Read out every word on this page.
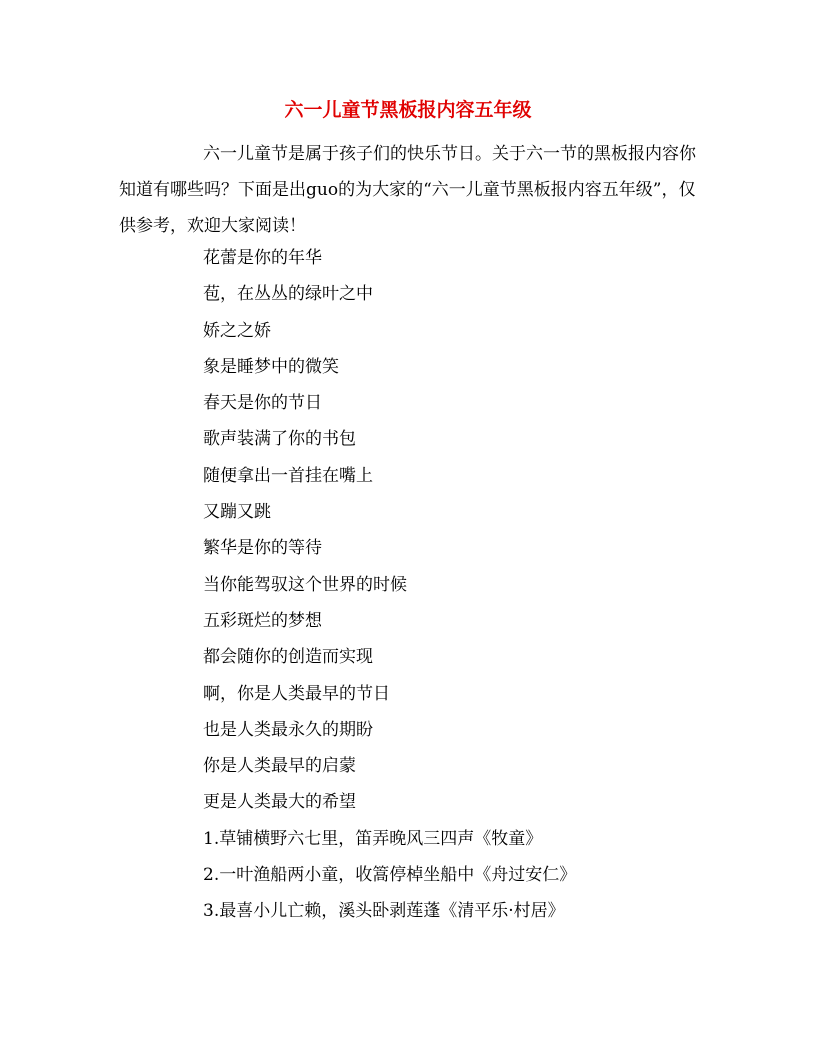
六一儿童节黑板报内容五年级

六一儿童节是属于孩子们的快乐节日。关于六一节的黑板报内容你知道有哪些吗？下面是出guo的为大家的“六一儿童节黑板报内容五年级”，仅供参考，欢迎大家阅读！

花蕾是你的年华
苞，在丛丛的绿叶之中
娇之之娇
象是睡梦中的微笑
春天是你的节日
歌声装满了你的书包
随便拿出一首挂在嘴上
又蹦又跳
繁华是你的等待
当你能驾驭这个世界的时候
五彩斑烂的梦想
都会随你的创造而实现
啊，你是人类最早的节日
也是人类最永久的期盼
你是人类最早的启蒙
更是人类最大的希望
1.草铺横野六七里，笛弄晚风三四声《牧童》
2.一叶渔船两小童，收篙停棹坐船中《舟过安仁》
3.最喜小儿亡赖，溪头卧剥莲蓬《清平乐·村居》
